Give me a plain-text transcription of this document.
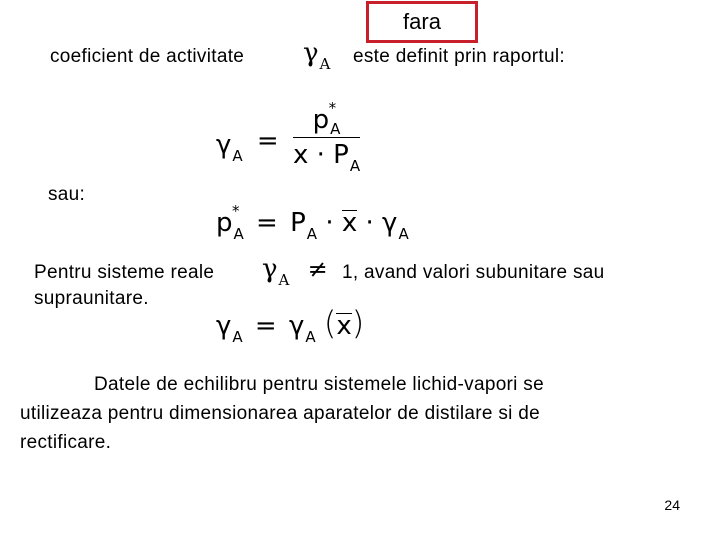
fara
coeficient de activitate $\gamma_A$ este definit prin raportul:
$\gamma_A = p$ *
$_A$
$x \cdot P_A$
sau:
p *
$_A = P_A \cdot x \cdot \gamma_A$
Pentru sisteme reale $\gamma_A \ne 1$, avand valori subunitare sau
supraunitare.
$\gamma_A = \gamma_A$ (x)
Datele de echilibru pentru sistemele lichid-vapori se
utilizeaza pentru dimensionarea aparatelor de distilare si de
rectificare.
24
